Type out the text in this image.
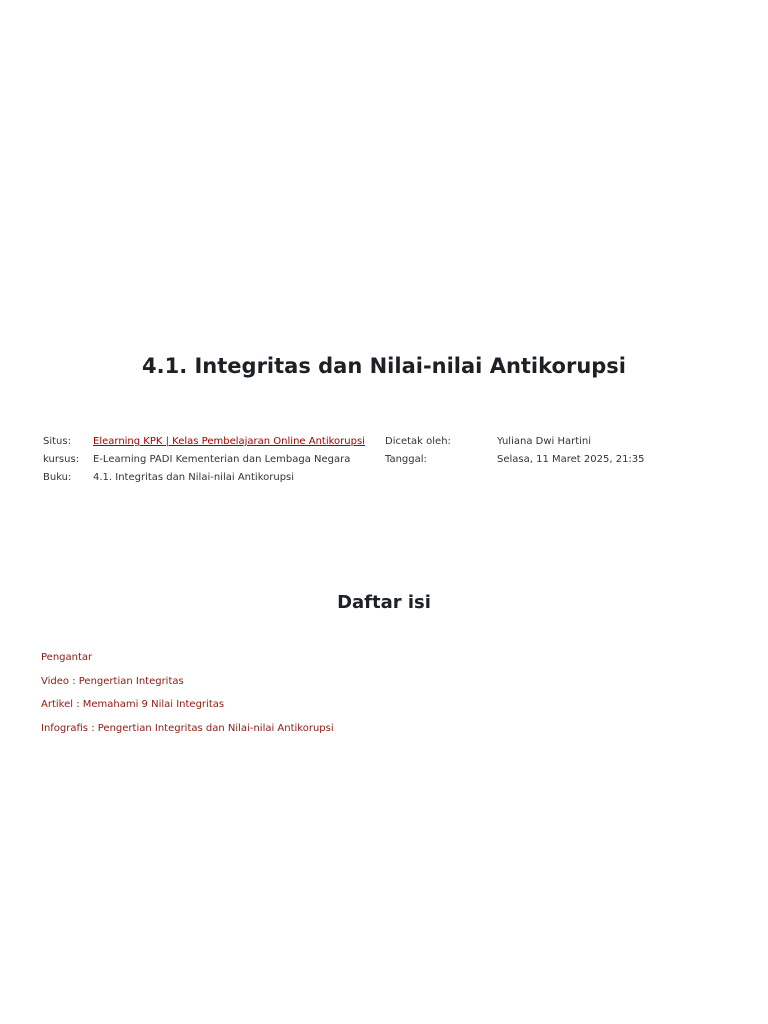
4.1. Integritas dan Nilai-nilai Antikorupsi
Situs: Elearning KPK | Kelas Pembelajaran Online Antikorupsi Dicetak oleh:	Yuliana Dwi Hartini
kursus: E-Learning PADI Kementerian dan Lembaga Negara	Tanggal:	Selasa, 11 Maret 2025, 21:35
Buku: 4.1. Integritas dan Nilai-nilai Antikorupsi
Daftar isi
Pengantar
Video : Pengertian Integritas
Artikel : Memahami 9 Nilai Integritas
Infografis : Pengertian Integritas dan Nilai-nilai Antikorupsi
